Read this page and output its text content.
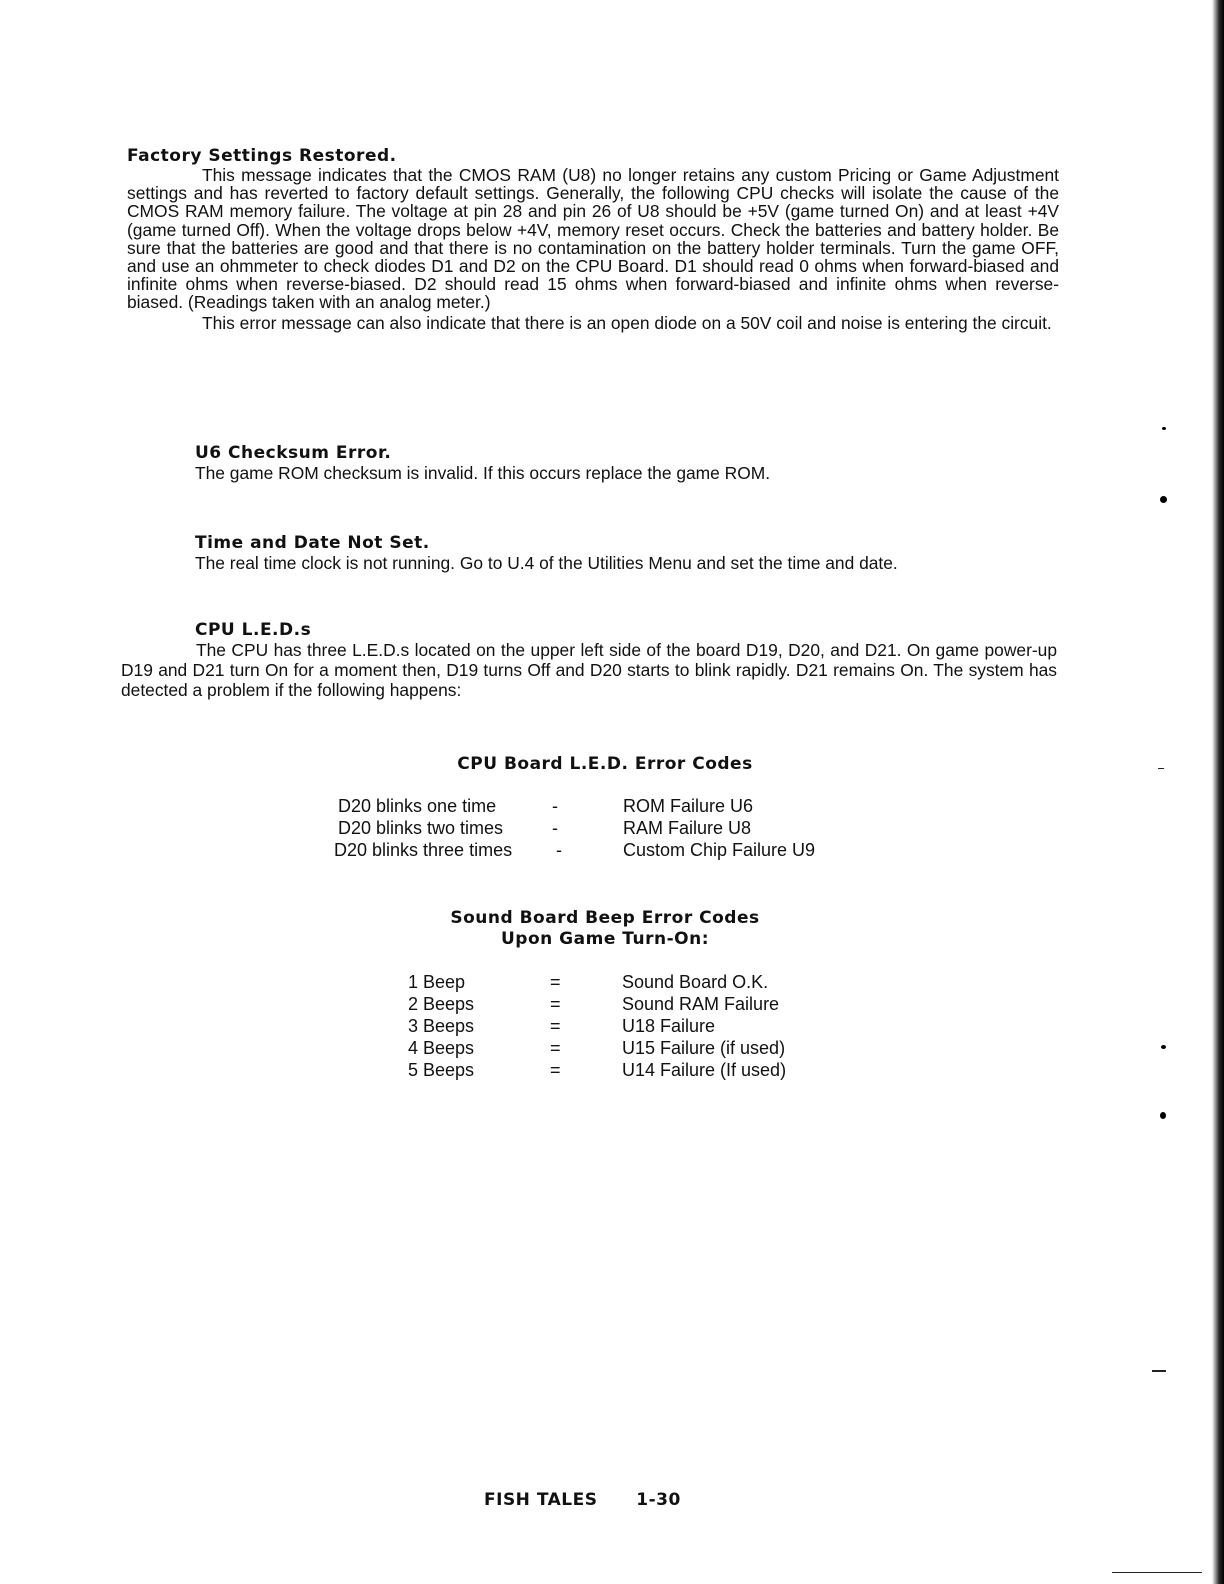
Factory Settings Restored.
This message indicates that the CMOS RAM (U8) no longer retains any custom Pricing or Game Adjustment settings and has reverted to factory default settings. Generally, the following CPU checks will isolate the cause of the CMOS RAM memory failure. The voltage at pin 28 and pin 26 of U8 should be +5V (game turned On) and at least +4V (game turned Off). When the voltage drops below +4V, memory reset occurs. Check the batteries and battery holder. Be sure that the batteries are good and that there is no contamination on the battery holder terminals. Turn the game OFF, and use an ohmmeter to check diodes D1 and D2 on the CPU Board. D1 should read 0 ohms when forward-biased and infinite ohms when reverse-biased. D2 should read 15 ohms when forward-biased and infinite ohms when reverse-biased. (Readings taken with an analog meter.)
This error message can also indicate that there is an open diode on a 50V coil and noise is entering the circuit.
U6 Checksum Error.
The game ROM checksum is invalid. If this occurs replace the game ROM.
Time and Date Not Set.
The real time clock is not running. Go to U.4 of the Utilities Menu and set the time and date.
CPU L.E.D.s
The CPU has three L.E.D.s located on the upper left side of the board D19, D20, and D21. On game power-up D19 and D21 turn On for a moment then, D19 turns Off and D20 starts to blink rapidly. D21 remains On. The system has detected a problem if the following happens:
CPU Board L.E.D. Error Codes
D20 blinks one time	-	ROM Failure U6
D20 blinks two times	-	RAM Failure U8
D20 blinks three times -	Custom Chip Failure U9
Sound Board Beep Error Codes
Upon Game Turn-On:
1 Beep	=	Sound Board O.K.
2 Beeps	=	Sound RAM Failure
3 Beeps	=	U18 Failure
4 Beeps	=	U15 Failure (if used)
5 Beeps	=	U14 Failure (If used)
FISH TALES 1-30
